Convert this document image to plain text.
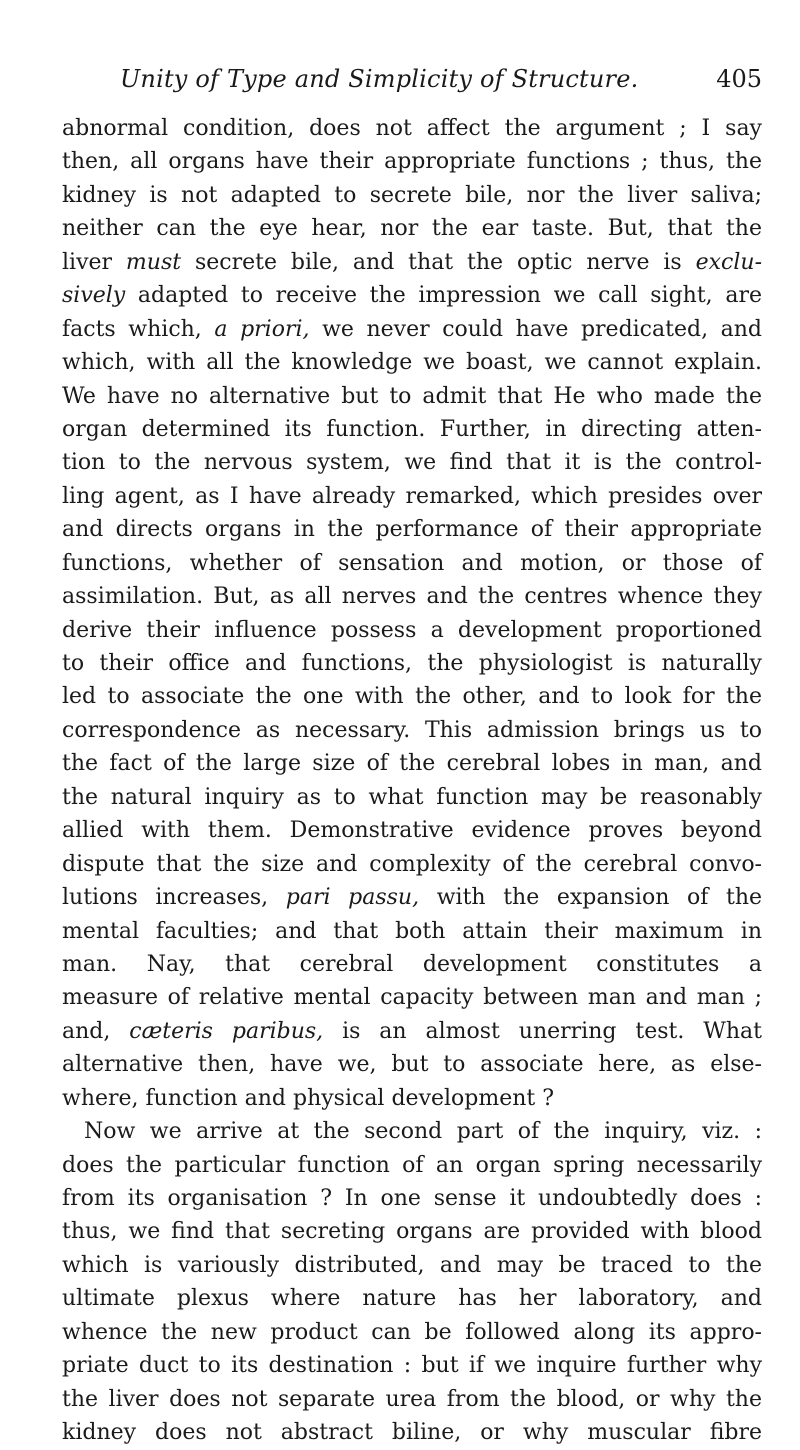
Unity of Type and Simplicity of Structure.	405
abnormal condition, does not affect the argument ; I say
then, all organs have their appropriate functions ; thus, the
kidney is not adapted to secrete bile, nor the liver saliva;
neither can the eye hear, nor the ear taste. But, that the
liver must secrete bile, and that the optic nerve is exclu-
sively adapted to receive the impression we call sight, are
facts which, a priori, we never could have predicated, and
which, with all the knowledge we boast, we cannot explain.
We have no alternative but to admit that He who made the
organ determined its function. Further, in directing atten-
tion to the nervous system, we find that it is the control-
ling agent, as I have already remarked, which presides over
and directs organs in the performance of their appropriate
functions, whether of sensation and motion, or those of
assimilation. But, as all nerves and the centres whence they
derive their influence possess a development proportioned
to their office and functions, the physiologist is naturally
led to associate the one with the other, and to look for the
correspondence as necessary. This admission brings us to
the fact of the large size of the cerebral lobes in man, and
the natural inquiry as to what function may be reasonably
allied with them. Demonstrative evidence proves beyond
dispute that the size and complexity of the cerebral convo-
lutions increases, pari passu, with the expansion of the
mental faculties; and that both attain their maximum in
man. Nay, that cerebral development constitutes a
measure of relative mental capacity between man and man ;
and, cæteris paribus, is an almost unerring test. What
alternative then, have we, but to associate here, as else-
where, function and physical development ?
Now we arrive at the second part of the inquiry, viz. :
does the particular function of an organ spring necessarily
from its organisation ? In one sense it undoubtedly does :
thus, we find that secreting organs are provided with blood
which is variously distributed, and may be traced to the
ultimate plexus where nature has her laboratory, and
whence the new product can be followed along its appro-
priate duct to its destination : but if we inquire further why
the liver does not separate urea from the blood, or why the
kidney does not abstract biline, or why muscular fibre
